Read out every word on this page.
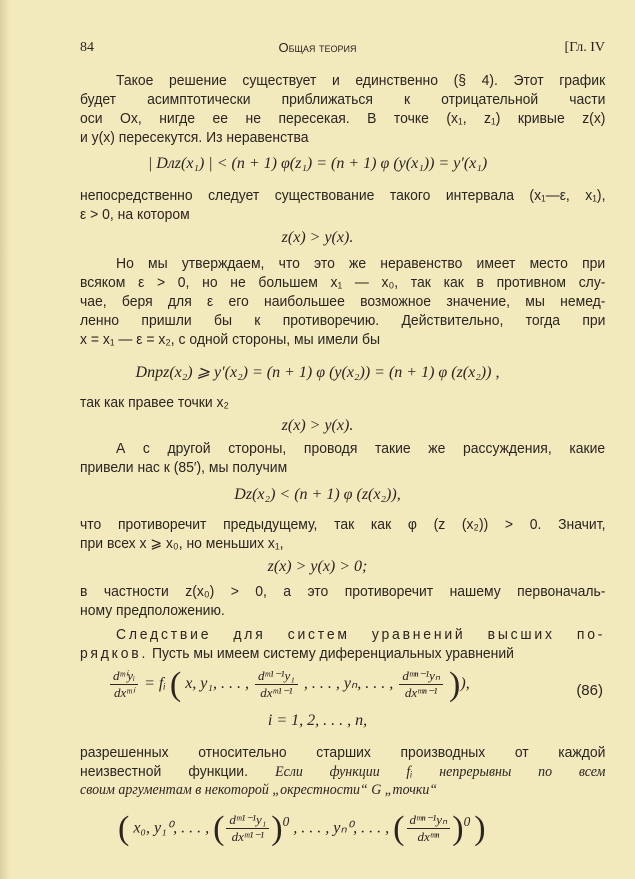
84	Общая теория	[Гл. IV
Такое решение существует и единственно (§ 4). Этот график
будет асимптотически приближаться к отрицательной части
оси Ox, нигде ее не пересекая. В точке (x₁, z₁) кривые z(x)
и y(x) пересекутся. Из неравенства
| Dлz(x₁) | < (n + 1) φ(z₁) = (n + 1) φ (y(x₁)) = y′(x₁)
непосредственно следует существование такого интервала (x₁—ε, x₁),
ε > 0, на котором
z(x) > y(x).
Но мы утверждаем, что это же неравенство имеет место при
всяком ε > 0, но не большем x₁ — x₀, так как в противном слу-
чае, беря для ε его наибольшее возможное значение, мы немед-
ленно пришли бы к противоречию. Действительно, тогда при
x = x₁ — ε = x₂, с одной стороны, мы имели бы
Dпрz(x₂) ⩾ y′(x₂) = (n + 1) φ (y(x₂)) = (n + 1) φ (z(x₂)) ,
так как правее точки x₂
z(x) > y(x).
А с другой стороны, проводя такие же рассуждения, какие
привели нас к (85′), мы получим
Dz(x₂) < (n + 1) φ (z(x₂)),
что противоречит предыдущему, так как φ (z (x₂)) > 0. Значит,
при всех x ⩾ x₀, но меньших x₁,
z(x) > y(x) > 0;
в частности z(x₀) > 0, а это противоречит нашему первоначаль-
ному предположению.
Следствие для систем уравнений высших по-
рядков. Пусть мы имеем систему диференциальных уравнений
$\frac{\text{dᵐⁱyᵢ}}{\text{dxᵐⁱ}}$ = fᵢ ( x, y₁, . . . , $\frac{\text{dᵐ¹⁻¹y₁}}{\text{dxᵐ¹⁻¹}}$ , . . . , yₙ, . . . , $\frac{\text{dᵐⁿ⁻¹yₙ}}{\text{dxᵐⁿ⁻¹}}$ )),	(86)
i = 1, 2, . . . , n,
разрешенных относительно старших производных от каждой
неизвестной функции. Если функции fᵢ непрерывны по всем
своим аргументам в некоторой „окрестности“ G „точки“
( x₀, y₁⁰, . . . , ( $\frac{\text{dᵐ¹⁻¹y₁}}{\text{dxᵐ¹⁻¹}} )^0$ , . . . , yₙ⁰, . . . , ( $\frac{\text{dᵐⁿ⁻¹yₙ}}{\text{dxᵐⁿ}} )^0$ )
